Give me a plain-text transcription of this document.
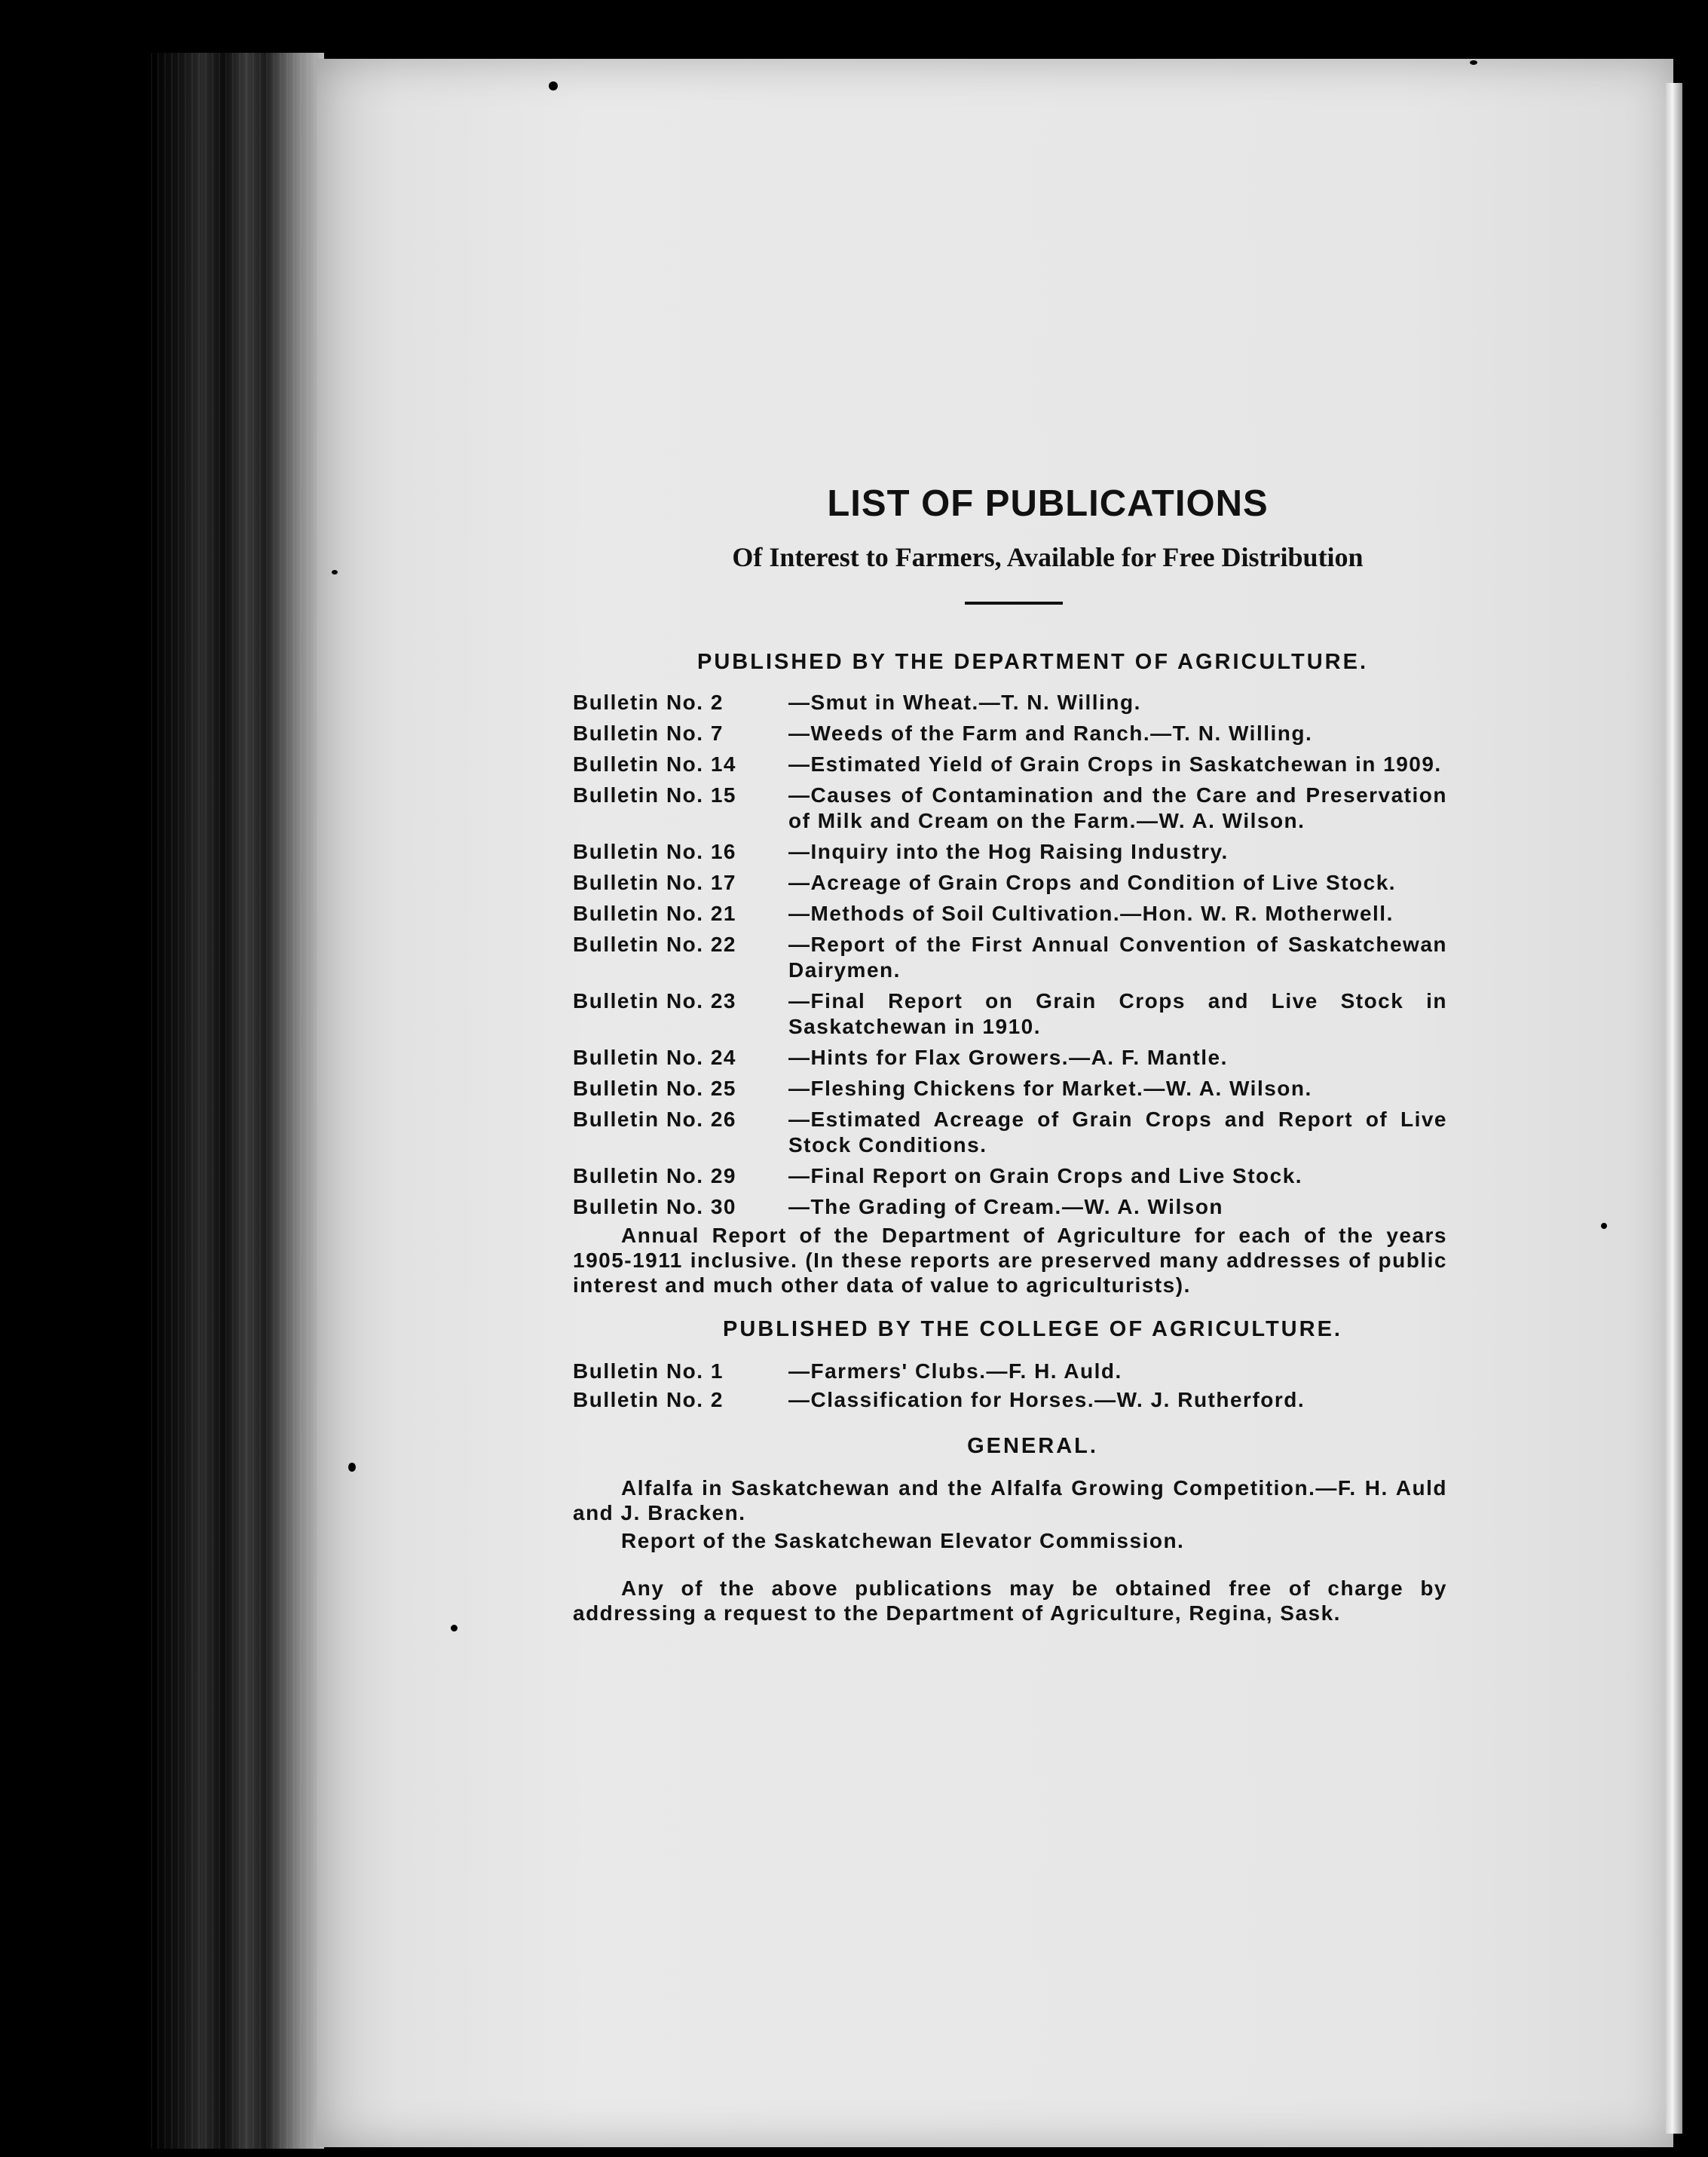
LIST OF PUBLICATIONS
Of Interest to Farmers, Available for Free Distribution
PUBLISHED BY THE DEPARTMENT OF AGRICULTURE.
Bulletin No. 2	—Smut in Wheat.—T. N. Willing.
Bulletin No. 7	—Weeds of the Farm and Ranch.—T. N. Willing.
Bulletin No. 14	—Estimated Yield of Grain Crops in Saskatchewan in 1909.
Bulletin No. 15	—Causes of Contamination and the Care and Preservation of Milk and Cream on the Farm.—W. A. Wilson.
Bulletin No. 16	—Inquiry into the Hog Raising Industry.
Bulletin No. 17	—Acreage of Grain Crops and Condition of Live Stock.
Bulletin No. 21	—Methods of Soil Cultivation.—Hon. W. R. Motherwell.
Bulletin No. 22	—Report of the First Annual Convention of Saskatchewan Dairymen.
Bulletin No. 23	—Final Report on Grain Crops and Live Stock in Saskatchewan in 1910.
Bulletin No. 24	—Hints for Flax Growers.—A. F. Mantle.
Bulletin No. 25	—Fleshing Chickens for Market.—W. A. Wilson.
Bulletin No. 26	—Estimated Acreage of Grain Crops and Report of Live Stock Conditions.
Bulletin No. 29	—Final Report on Grain Crops and Live Stock.
Bulletin No. 30	—The Grading of Cream.—W. A. Wilson
Annual Report of the Department of Agriculture for each of the years 1905-1911 inclusive. (In these reports are preserved many addresses of public interest and much other data of value to agriculturists).
PUBLISHED BY THE COLLEGE OF AGRICULTURE.
Bulletin No. 1	—Farmers' Clubs.—F. H. Auld.
Bulletin No. 2	—Classification for Horses.—W. J. Rutherford.
GENERAL.
Alfalfa in Saskatchewan and the Alfalfa Growing Competition.—F. H. Auld and J. Bracken.
Report of the Saskatchewan Elevator Commission.
Any of the above publications may be obtained free of charge by addressing a request to the Department of Agriculture, Regina, Sask.
